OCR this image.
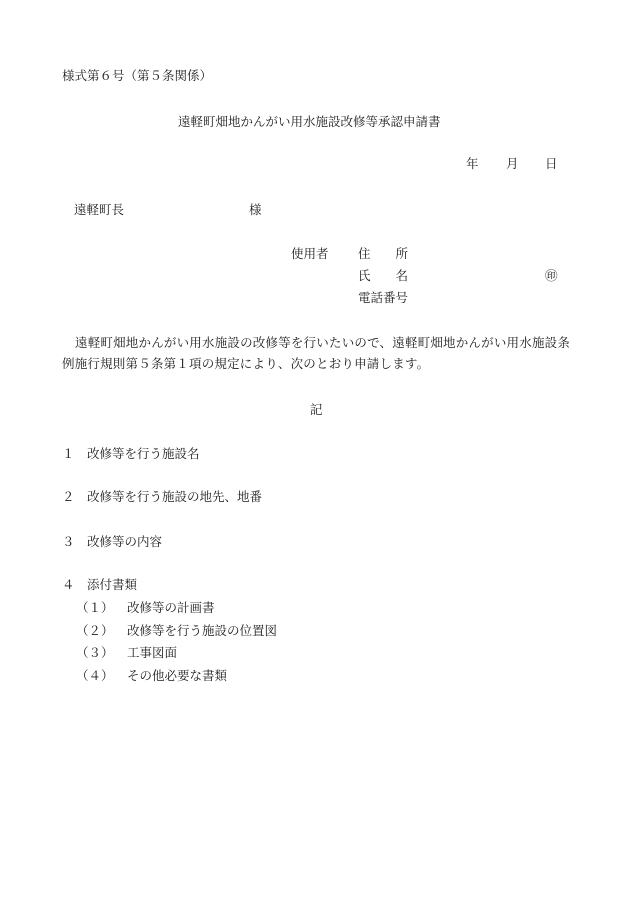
様式第６号（第５条関係）
遠軽町畑地かんがい用水施設改修等承認申請書
年 月 日
遠軽町長	様
使用者 住　　所
氏　　名	㊞
電話番号
遠軽町畑地かんがい用水施設の改修等を行いたいので、遠軽町畑地かんがい用水施設条例施行規則第５条第１項の規定により、次のとおり申請します。
記
１ 改修等を行う施設名
２ 改修等を行う施設の地先、地番
３ 改修等の内容
４ 添付書類
（１） 改修等の計画書
（２） 改修等を行う施設の位置図
（３） 工事図面
（４） その他必要な書類
